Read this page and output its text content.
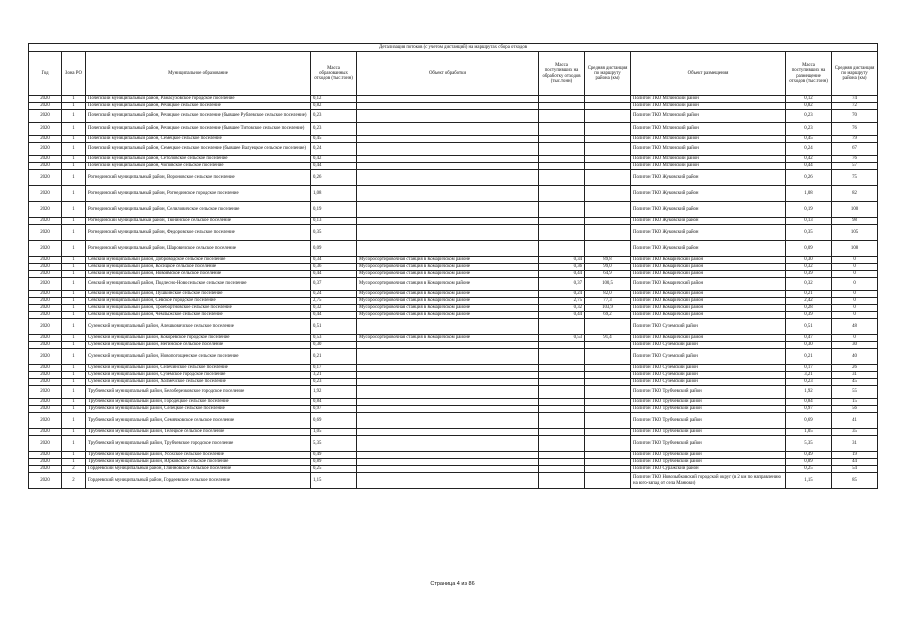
Детализация потоков (с учетом дистанций) на маршрутах сбора отходов									
Год	Зона РО	Муниципальное образование	Масса образованных отходов (тыс.тонн)	Объект обработки	Масса поступивших на обработку отходов (тыс.тонн)	Средняя дистанция по маршруту района (км)	Объект размещения	Масса поступивших на размещение отходов (тыс.тонн)	Средняя дистанция по маршруту района (км)
2020	1	Почепский муниципальный район, Рамасуховское городское поселение	0,12				Полигон ТКО Мглинский район	0,12	74
2020	1	Почепский муниципальный район, Речицкое сельское поселение	0,82				Полигон ТКО Мглинский район	0,82	72
2020	1	Почепский муниципальный район, Речицкое сельское поселение (бывшее Рублевское сельское поселение)	0,23				Полигон ТКО Мглинский район	0,23	70
2020	1	Почепский муниципальный район, Речицкое сельское поселение (бывшее Титовское сельское поселение)	0,23				Полигон ТКО Мглинский район	0,23	76
2020	1	Почепский муниципальный район, Семецкое сельское поселение	0,45				Полигон ТКО Мглинский район	0,45	79
2020	1	Почепский муниципальный район, Семецкое сельское поселение (бывшее Валуецкое сельское поселение)	0,24				Полигон ТКО Мглинский район	0,24	67
2020	1	Почепский муниципальный район, Сетоловское сельское поселение	0,42				Полигон ТКО Мглинский район	0,42	76
2020	1	Почепский муниципальный район, Чоповское сельское поселение	0,44				Полигон ТКО Мглинский район	0,44	57
2020	1	Рогнединский муниципальный район, Вороновское сельское поселение	0,26				Полигон ТКО Жуковский район	0,26	75
2020	1	Рогнединский муниципальный район, Рогнединское городское поселение	1,08				Полигон ТКО Жуковский район	1,08	82
2020	1	Рогнединский муниципальный район, Селиловичское сельское поселение	0,19				Полигон ТКО Жуковский район	0,19	100
2020	1	Рогнединский муниципальный район, Тюнинское сельское поселение	0,13				Полигон ТКО Жуковский район	0,13	98
2020	1	Рогнединский муниципальный район, Федоровское сельское поселение	0,35				Полигон ТКО Жуковский район	0,35	105
2020	1	Рогнединский муниципальный район, Шаровичское сельское поселение	0,09				Полигон ТКО Жуковский район	0,09	108
2020	1	Севский муниципальный район, Доброводское сельское поселение	0,34	Мусоросортировочная станция в Комаричском районе	0,34	89,8	Полигон ТКО Комаричский район	0,30	0
2020	1	Севский муниципальный район, Косицкое сельское поселение	0,36	Мусоросортировочная станция в Комаричском районе	0,36	99,0	Полигон ТКО Комаричский район	0,32	0
2020	1	Севский муниципальный район, Новоямское сельское поселение	0,44	Мусоросортировочная станция в Комаричском районе	0,44	64,9	Полигон ТКО Комаричский район	0,39	0
2020	1	Севский муниципальный район, Подлесно-Новосельское сельское поселение	0,37	Мусоросортировочная станция в Комаричском районе	0,37	100,5	Полигон ТКО Комаричский район	0,32	0
2020	1	Севский муниципальный район, Пушкинское сельское поселение	0,24	Мусоросортировочная станция в Комаричском районе	0,24	82,0	Полигон ТКО Комаричский район	0,21	0
2020	1	Севский муниципальный район, Севское городское поселение	2,75	Мусоросортировочная станция в Комаричском районе	2,75	77,3	Полигон ТКО Комаричский район	2,42	0
2020	1	Севский муниципальный район, Троебортновское сельское поселение	0,32	Мусоросортировочная станция в Комаричском районе	0,32	103,9	Полигон ТКО Комаричский район	0,28	0
2020	1	Севский муниципальный район, Чемлыжское сельское поселение	0,44	Мусоросортировочная станция в Комаричском районе	0,44	69,2	Полигон ТКО Комаричский район	0,39	0
2020	1	Суземский муниципальный район, Алешковичское сельское поселение	0,51				Полигон ТКО Суземский район	0,51	48
2020	1	Суземский муниципальный район, Кокоревское городское поселение	0,53	Мусоросортировочная станция в Комаричском районе	0,53	91,4	Полигон ТКО Комаричский район	0,47	0
2020	1	Суземский муниципальный район, Негинское сельское поселение	0,30				Полигон ТКО Суземский район	0,30	30
2020	1	Суземский муниципальный район, Новопогощенское сельское поселение	0,21				Полигон ТКО Суземский район	0,21	40
2020	1	Суземский муниципальный район, Селечинское сельское поселение	0,17				Полигон ТКО Суземский район	0,17	26
2020	1	Суземский муниципальный район, Суземское городское поселение	3,21				Полигон ТКО Суземский район	3,21	31
2020	1	Суземский муниципальный район, Холмечское сельское поселение	0,23				Полигон ТКО Суземский район	0,23	45
2020	1	Трубчевский муниципальный район, Белоберезковское городское поселение	1,92				Полигон ТКО Трубчевский район	1,92	55
2020	1	Трубчевский муниципальный район, Городецкое сельское поселение	0,84				Полигон ТКО Трубчевский район	0,84	15
2020	1	Трубчевский муниципальный район, Селецкое сельское поселение	0,97				Полигон ТКО Трубчевский район	0,97	56
2020	1	Трубчевский муниципальный район, Семячковское сельское поселение	0,69				Полигон ТКО Трубчевский район	0,69	41
2020	1	Трубчевский муниципальный район, Телецкое сельское поселение	1,05				Полигон ТКО Трубчевский район	1,05	35
2020	1	Трубчевский муниципальный район, Трубчевское городское поселение	5,35				Полигон ТКО Трубчевский район	5,35	31
2020	1	Трубчевский муниципальный район, Усохское сельское поселение	0,49				Полигон ТКО Трубчевский район	0,49	19
2020	1	Трубчевский муниципальный район, Юрковское сельское поселение	0,89				Полигон ТКО Трубчевский район	0,89	44
2020	2	Гордеевский муниципальный район, Глинновское сельское поселение	0,25				Полигон ТКО Суражский район	0,25	54
2020	2	Гордеевский муниципальный район, Гордеевское сельское поселение	1,15				Полигон ТКО Новозыбковский городской округ (в 2 км по направлению на юго-запад от села Манюки)	1,15	85
Страница 4 из 86
